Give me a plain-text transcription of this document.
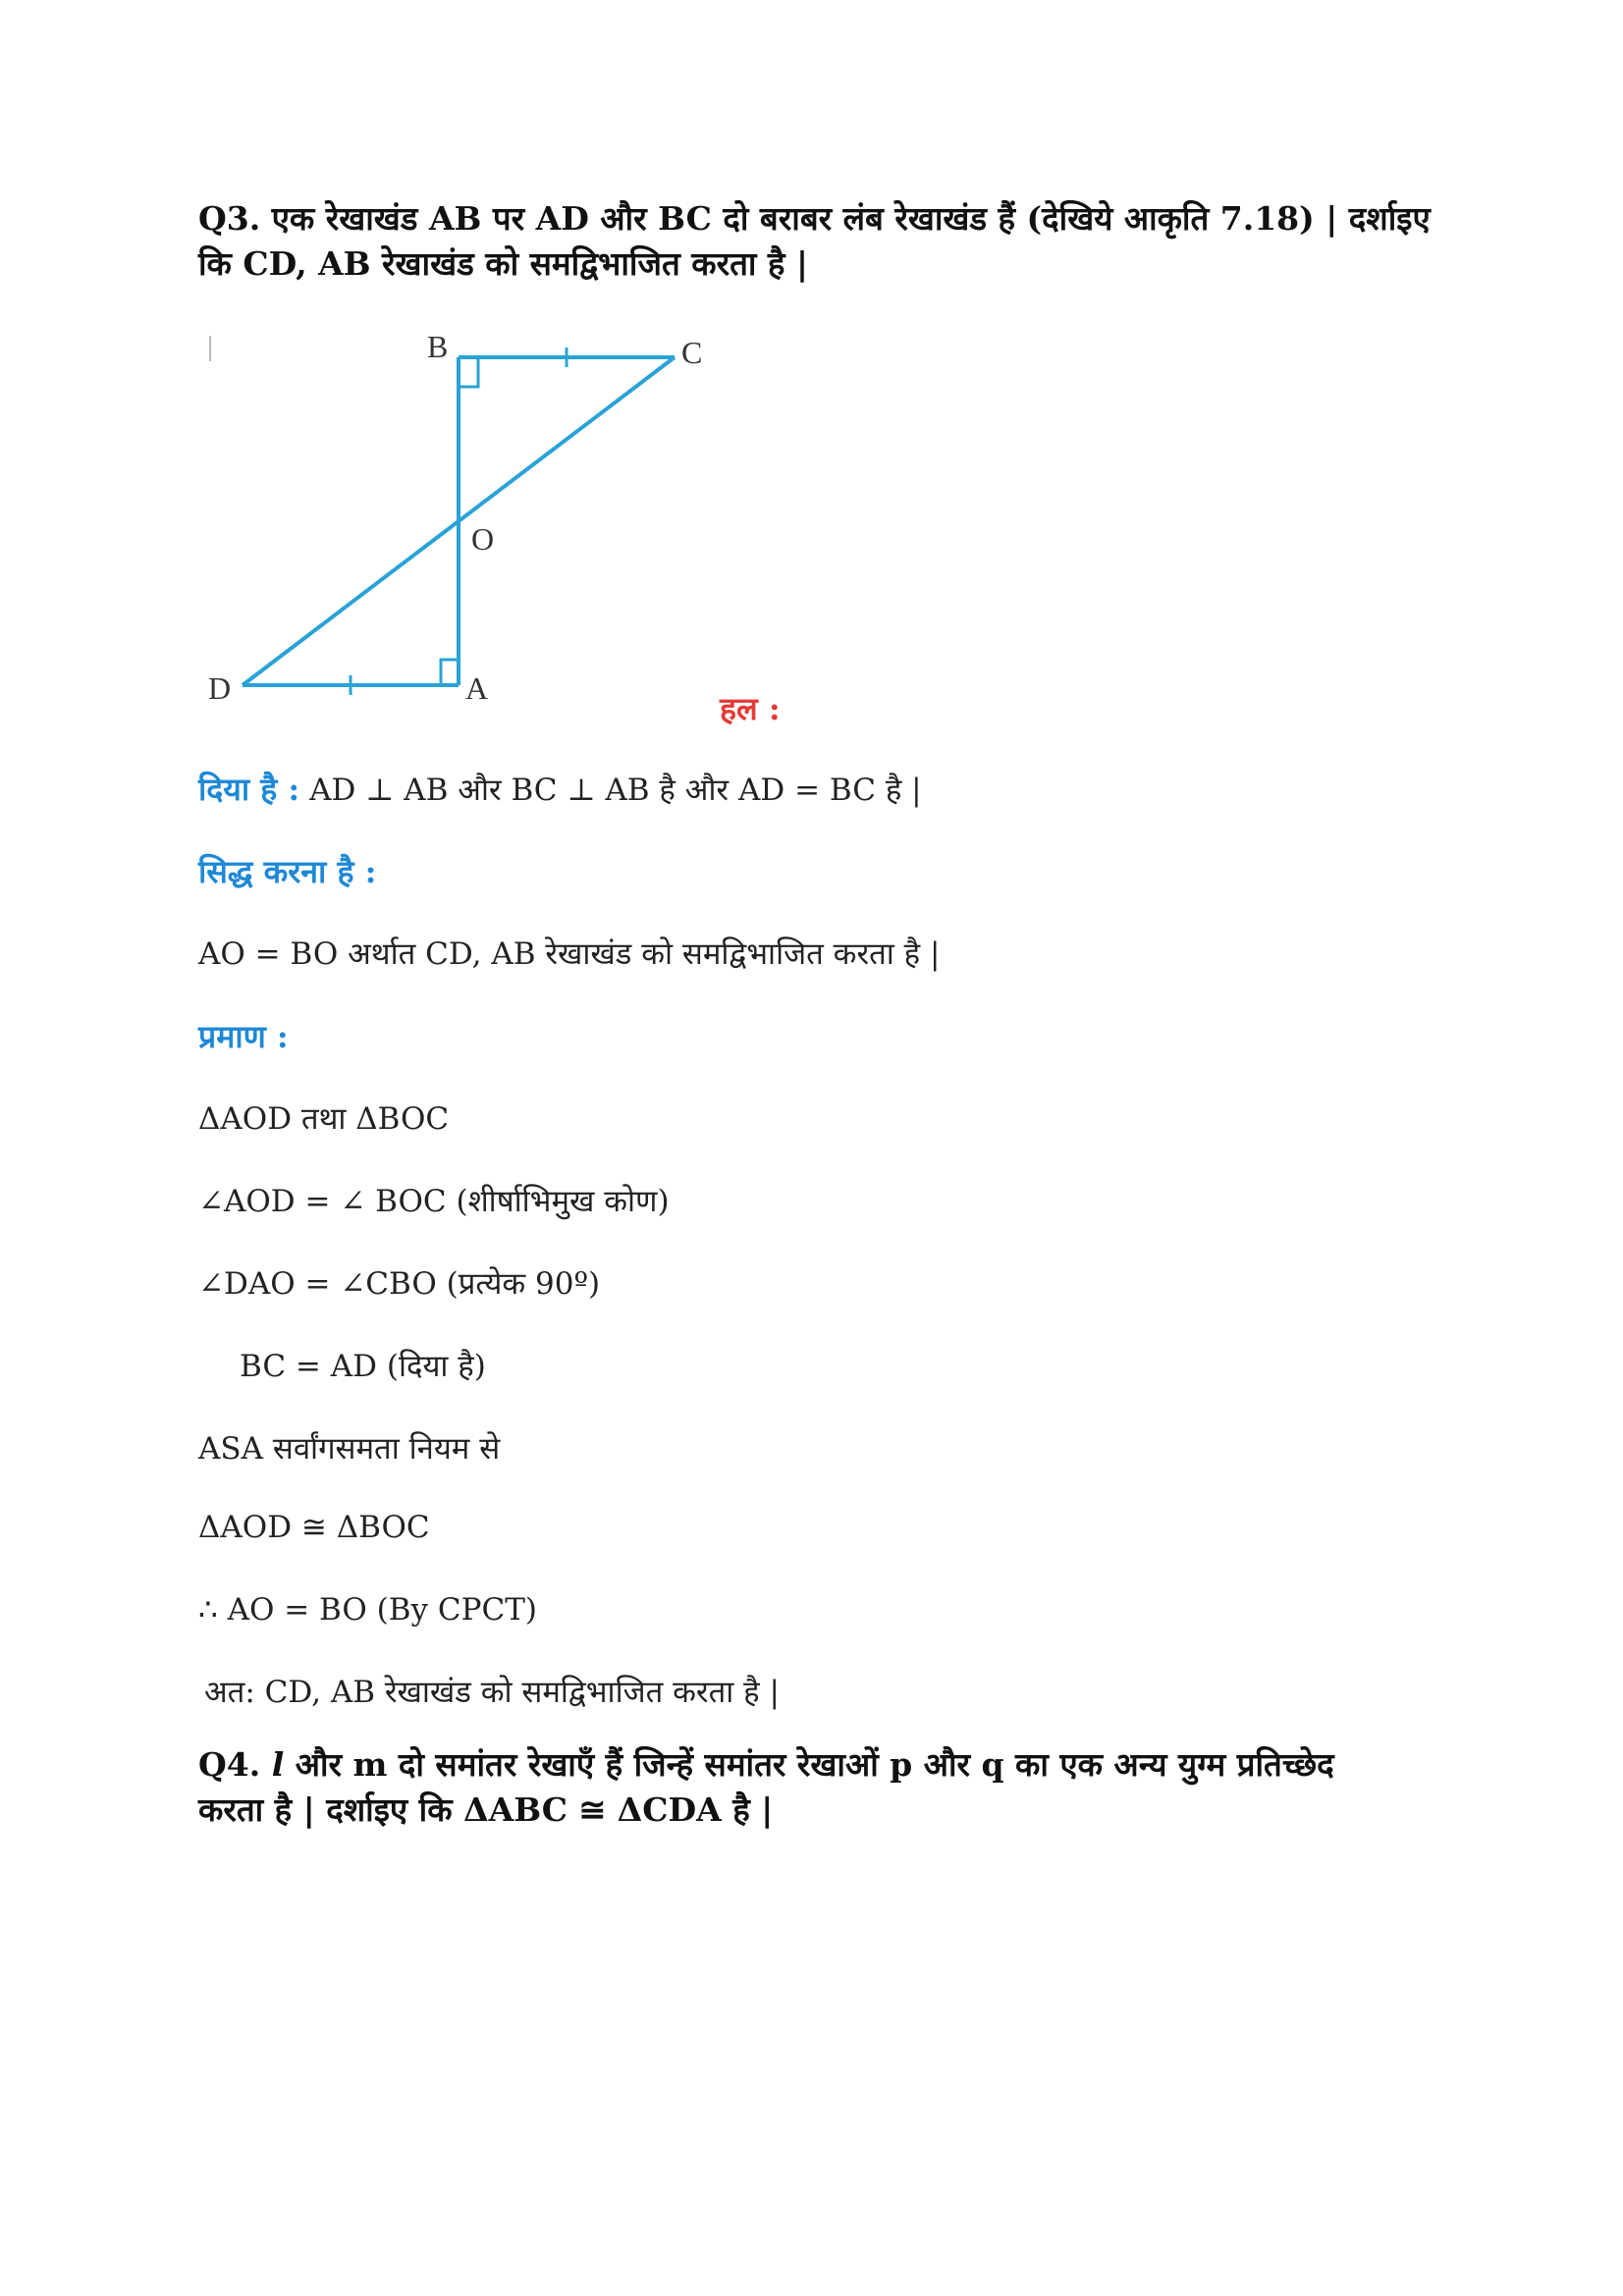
Q3. एक रेखाखंड AB पर AD और BC दो बराबर लंब रेखाखंड हैं (देखिये आकृति 7.18) | दर्शाइए
कि CD, AB रेखाखंड को समद्विभाजित करता है |
B	C
O
D	A
हल :
दिया है : AD ⊥ AB और BC ⊥ AB है और AD = BC है |
सिद्ध करना है :
AO = BO अर्थात CD, AB रेखाखंड को समद्विभाजित करता है |
प्रमाण :
ΔAOD तथा ΔBOC
∠AOD = ∠ BOC (शीर्षाभिमुख कोण)
∠DAO = ∠CBO (प्रत्येक 90º)
BC = AD (दिया है)
ASA सर्वांगसमता नियम से
ΔAOD ≅ ΔBOC
∴ AO = BO (By CPCT)
अत: CD, AB रेखाखंड को समद्विभाजित करता है |
Q4. l और m दो समांतर रेखाएँ हैं जिन्हें समांतर रेखाओं p और q का एक अन्य युग्म प्रतिच्छेद
करता है | दर्शाइए कि ΔABC ≅ ΔCDA है |
